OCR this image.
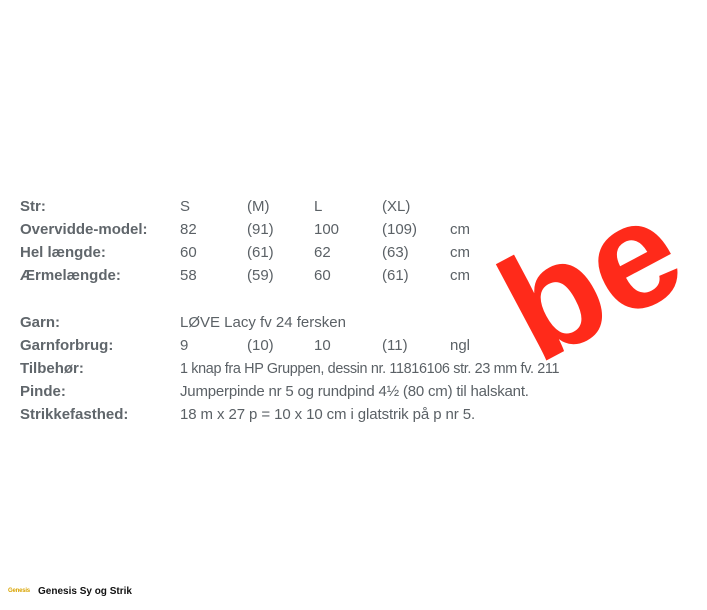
be
Str:	S	(M)	L	(XL)
Overvidde-model: 82	(91)	100	(109) cm
Hel længde:	60	(61)	62	(63)	cm
Ærmelængde:	58	(59)	60	(61)	cm
Garn:	LØVE Lacy fv 24 fersken
Garnforbrug:	9	(10)	10	(11)	ngl
Tilbehør:	1 knap fra HP Gruppen, dessin nr. 11816106 str. 23 mm fv. 211
Pinde:	Jumperpinde nr 5 og rundpind 4½ (80 cm) til halskant.
Strikkefasthed:	18 m x 27 p = 10 x 10 cm i glatstrik på p nr 5.
Genesis Genesis Sy og Strik
